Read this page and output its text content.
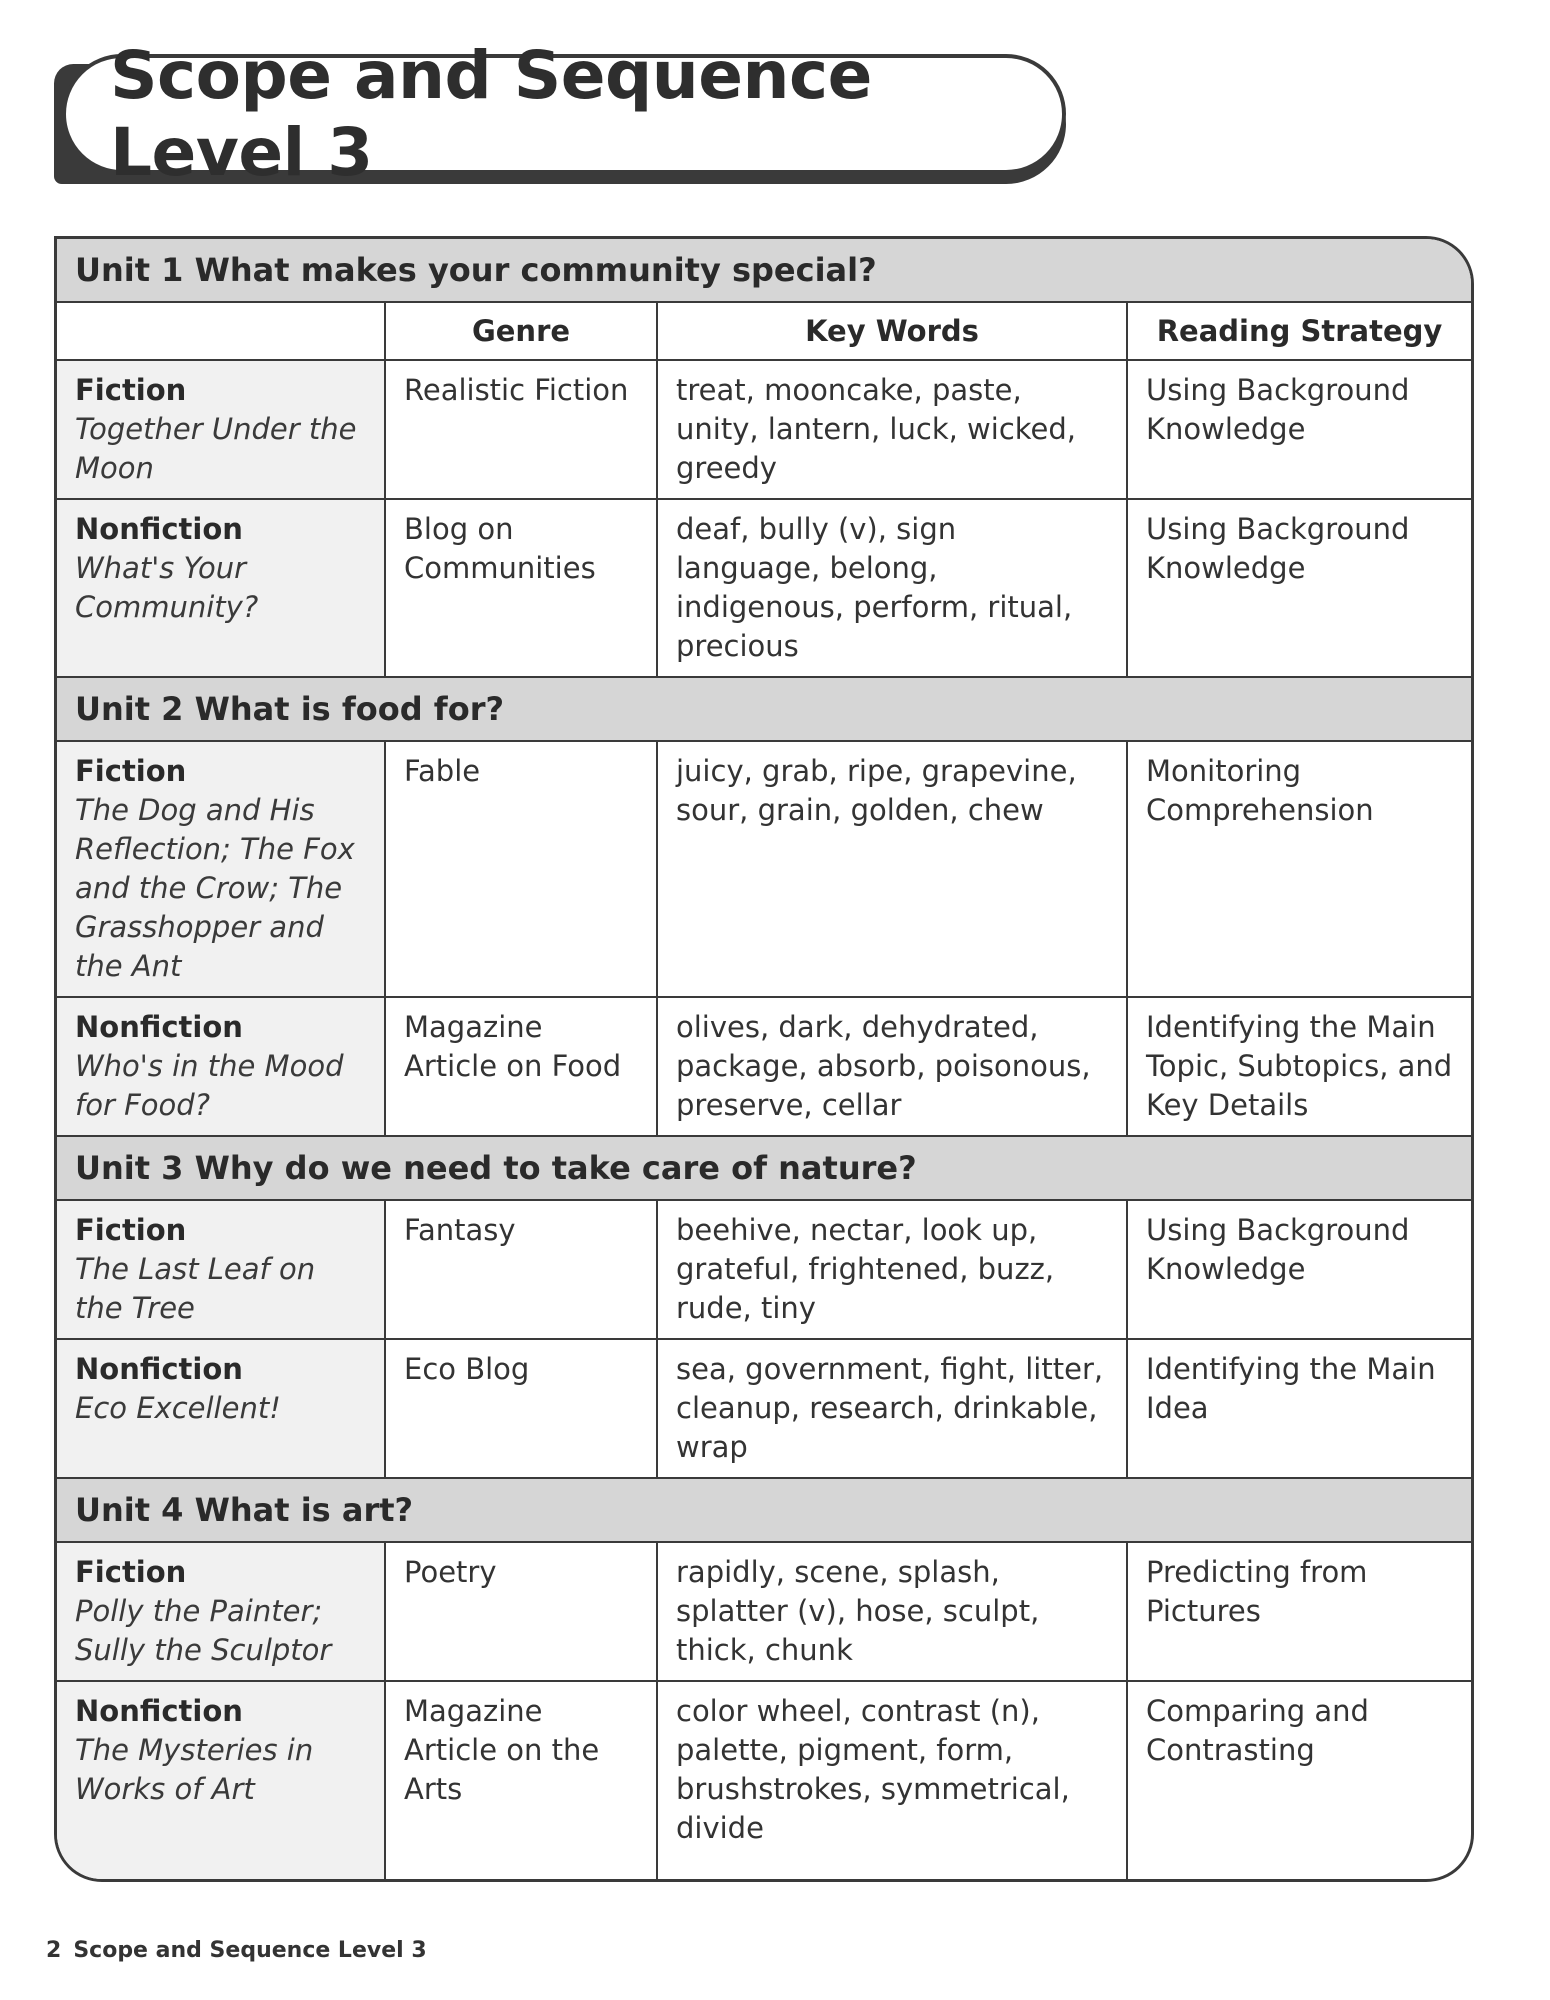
Scope and Sequence Level 3
Unit 1 What makes your community special?			
	Genre	Key Words	Reading Strategy

Fiction
Together Under the Moon	Realistic Fiction	treat, mooncake, paste, unity, lantern, luck, wicked, greedy	Using Background Knowledge

Nonfiction
What's Your Community?	Blog on Communities	deaf, bully (v), sign language, belong, indigenous, perform, ritual, precious	Using Background Knowledge
Unit 2 What is food for?			

Fiction
The Dog and His Reflection; The Fox and the Crow; The Grasshopper and the Ant	Fable	juicy, grab, ripe, grapevine, sour, grain, golden, chew	Monitoring Comprehension

Nonfiction
Who's in the Mood for Food?	Magazine Article on Food	olives, dark, dehydrated, package, absorb, poisonous, preserve, cellar	Identifying the Main Topic, Subtopics, and Key Details
Unit 3 Why do we need to take care of nature?			

Fiction
The Last Leaf on the Tree	Fantasy	beehive, nectar, look up, grateful, frightened, buzz, rude, tiny	Using Background Knowledge

Nonfiction
Eco Excellent!	Eco Blog	sea, government, fight, litter, cleanup, research, drinkable, wrap	Identifying the Main Idea
Unit 4 What is art?			

Fiction
Polly the Painter; Sully the Sculptor	Poetry	rapidly, scene, splash, splatter (v), hose, sculpt, thick, chunk	Predicting from Pictures

Nonfiction
The Mysteries in Works of Art	Magazine Article on the Arts	color wheel, contrast (n), palette, pigment, form, brushstrokes, symmetrical, divide	Comparing and Contrasting
2 Scope and Sequence Level 3
